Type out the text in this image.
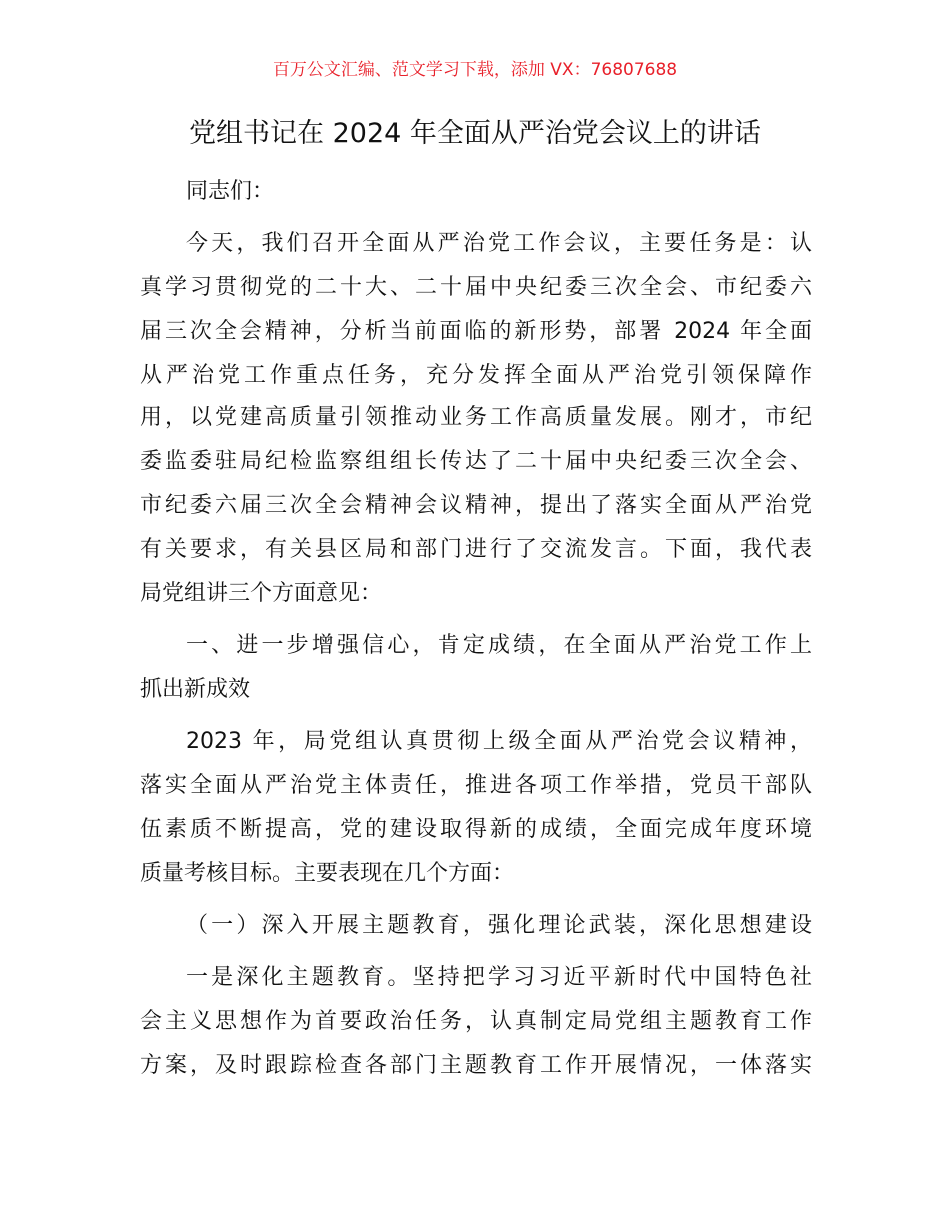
百万公文汇编、范文学习下载，添加 VX：76807688
党组书记在 2024 年全面从严治党会议上的讲话
同志们：
今天，我们召开全面从严治党工作会议，主要任务是：认
真学习贯彻党的二十大、二十届中央纪委三次全会、市纪委六
届三次全会精神，分析当前面临的新形势，部署 2024 年全面
从严治党工作重点任务，充分发挥全面从严治党引领保障作
用，以党建高质量引领推动业务工作高质量发展。刚才，市纪
委监委驻局纪检监察组组长传达了二十届中央纪委三次全会、
市纪委六届三次全会精神会议精神，提出了落实全面从严治党
有关要求，有关县区局和部门进行了交流发言。下面，我代表
局党组讲三个方面意见：
一、进一步增强信心，肯定成绩，在全面从严治党工作上
抓出新成效
2023 年，局党组认真贯彻上级全面从严治党会议精神，
落实全面从严治党主体责任，推进各项工作举措，党员干部队
伍素质不断提高，党的建设取得新的成绩，全面完成年度环境
质量考核目标。主要表现在几个方面：
（一）深入开展主题教育，强化理论武装，深化思想建设
一是深化主题教育。坚持把学习习近平新时代中国特色社
会主义思想作为首要政治任务，认真制定局党组主题教育工作
方案，及时跟踪检查各部门主题教育工作开展情况，一体落实
